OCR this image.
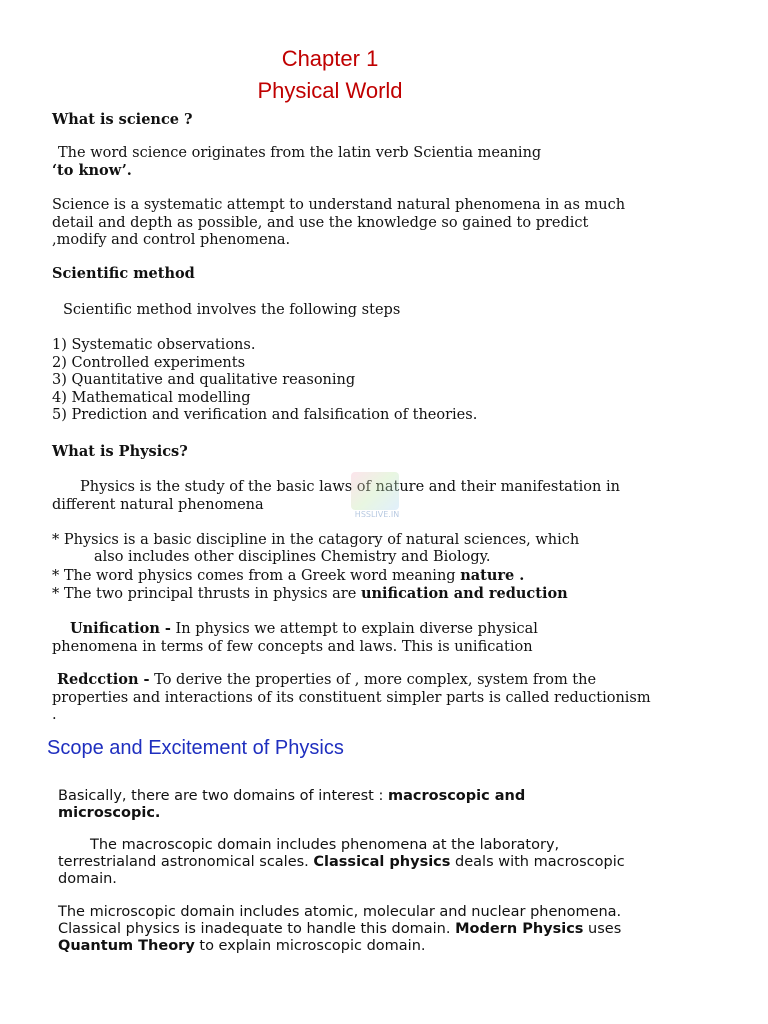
Chapter 1
Physical World
What is science ?
The word science originates from the latin verb Scientia meaning
‘to know’.
Science is a systematic attempt to understand natural phenomena in as much detail and depth as possible, and use the knowledge so gained to predict ,modify and control phenomena.
Scientific method
Scientific method involves the following steps
1) Systematic observations.
2) Controlled experiments
3) Quantitative and qualitative reasoning
4) Mathematical modelling
5) Prediction and verification and falsification of theories.
What is Physics?
Physics is the study of the basic laws of nature and their manifestation in different natural phenomena
HSSLIVE.IN
* Physics is a basic discipline in the catagory of natural sciences, which
also includes other disciplines Chemistry and Biology.
* The word physics comes from a Greek word meaning nature .
* The two principal thrusts in physics are unification and reduction
Unification - In physics we attempt to explain diverse physical phenomena in terms of few concepts and laws. This is unification
Redcction - To derive the properties of , more complex, system from the properties and interactions of its constituent simpler parts is called reductionism .
Scope and Excitement of Physics
Basically, there are two domains of interest : macroscopic and microscopic.
The macroscopic domain includes phenomena at the laboratory, terrestrialand astronomical scales. Classical physics deals with macroscopic domain.
The microscopic domain includes atomic, molecular and nuclear phenomena. Classical physics is inadequate to handle this domain. Modern Physics uses Quantum Theory to explain microscopic domain.
